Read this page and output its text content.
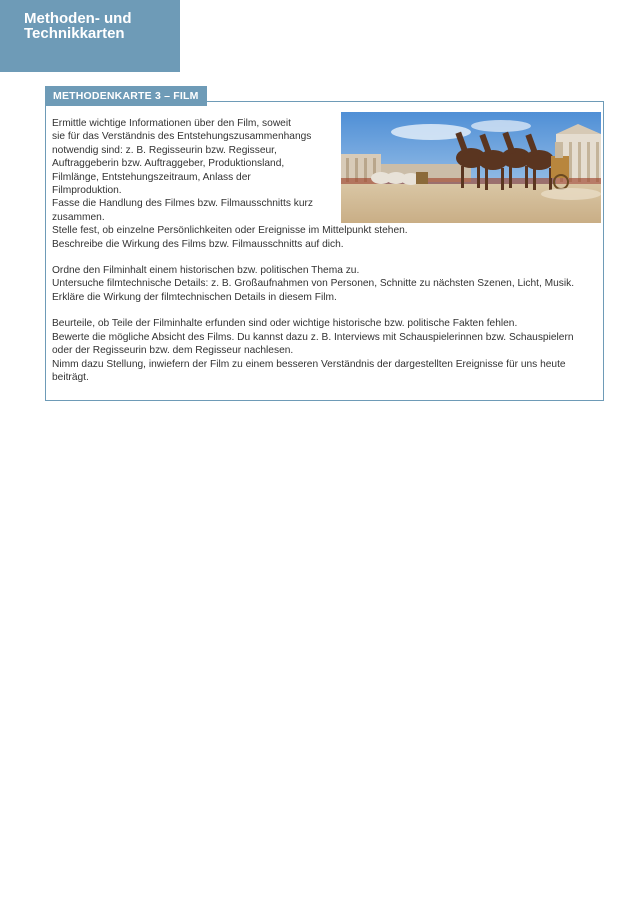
Methoden- und
Technikkarten
METHODENKARTE 3 – FILM

Ermittle wichtige Informationen über den Film, soweit

sie für das Verständnis des Entstehungszusammenhangs

notwendig sind: z. B. Regisseurin bzw. Regisseur,

Auftraggeberin bzw. Auftraggeber, Produktionsland,

Filmlänge, Entstehungszeitraum, Anlass der

Filmproduktion.

Fasse die Handlung des Filmes bzw. Filmausschnitts kurz

zusammen.

Stelle fest, ob einzelne Persönlichkeiten oder Ereignisse im Mittelpunkt stehen.

Beschreibe die Wirkung des Films bzw. Filmausschnitts auf dich.

Ordne den Filminhalt einem historischen bzw. politischen Thema zu.

Untersuche filmtechnische Details: z. B. Großaufnahmen von Personen, Schnitte zu nächsten Szenen, Licht, Musik.

Erkläre die Wirkung der filmtechnischen Details in diesem Film.

Beurteile, ob Teile der Filminhalte erfunden sind oder wichtige historische bzw. politische Fakten fehlen.

Bewerte die mögliche Absicht des Films. Du kannst dazu z. B. Interviews mit Schauspielerinnen bzw. Schauspielern

oder der Regisseurin bzw. dem Regisseur nachlesen.

Nimm dazu Stellung, inwiefern der Film zu einem besseren Verständnis der dargestellten Ereignisse für uns heute

beiträgt.
